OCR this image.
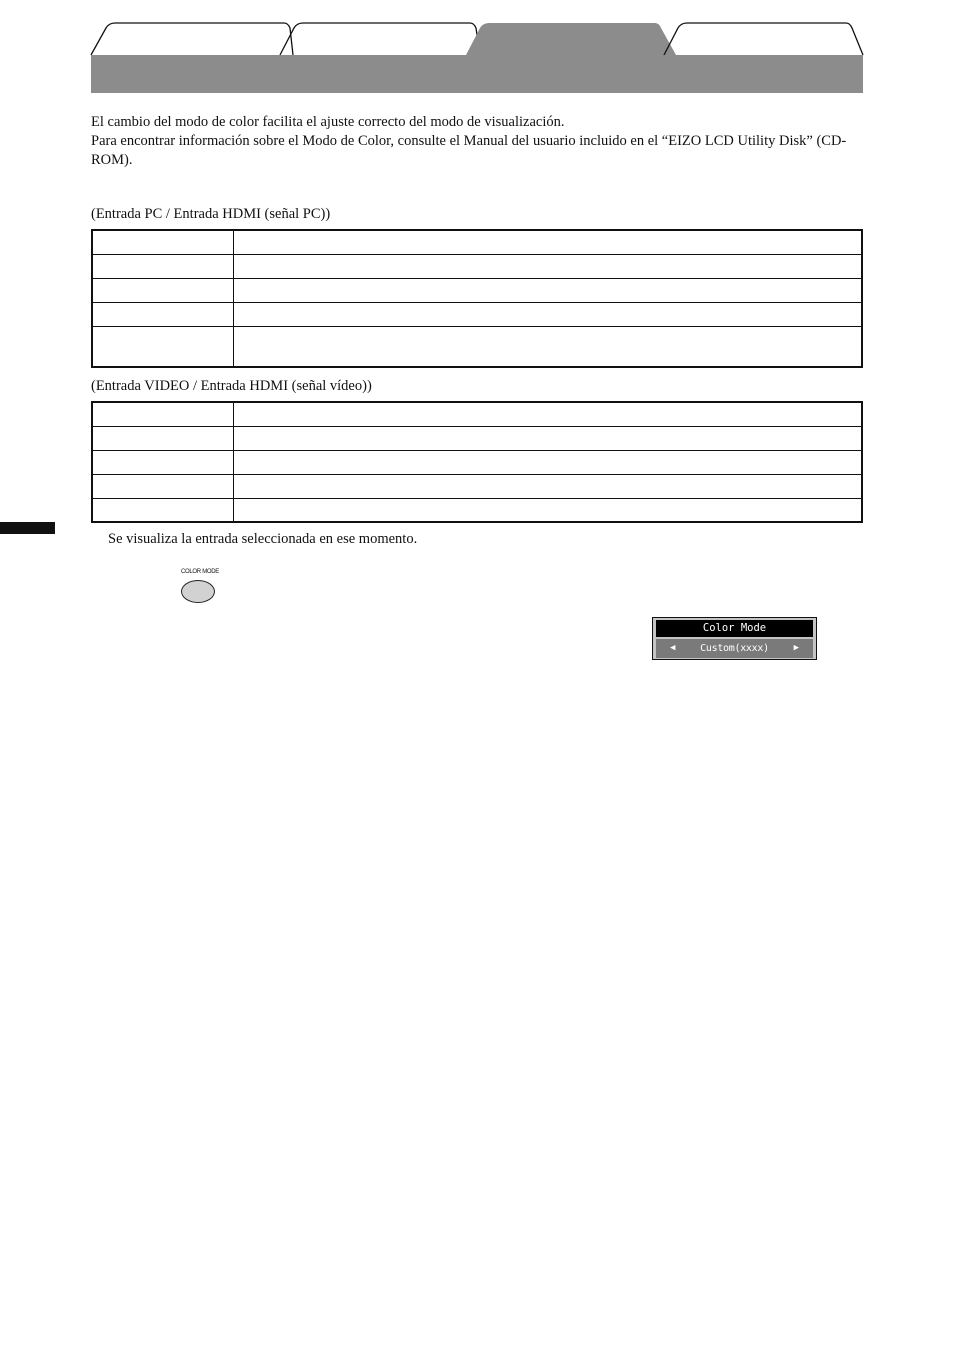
El cambio del modo de color facilita el ajuste correcto del modo de visualización.
Para encontrar información sobre el Modo de Color, consulte el Manual del usuario incluido en el “EIZO LCD Utility Disk” (CD-ROM).

(Entrada PC / Entrada HDMI (señal PC))

(Entrada VIDEO / Entrada HDMI (señal vídeo))

Se visualiza la entrada seleccionada en ese momento.

COLOR MODE
Color Mode
◀	Custom(xxxx)	▶
